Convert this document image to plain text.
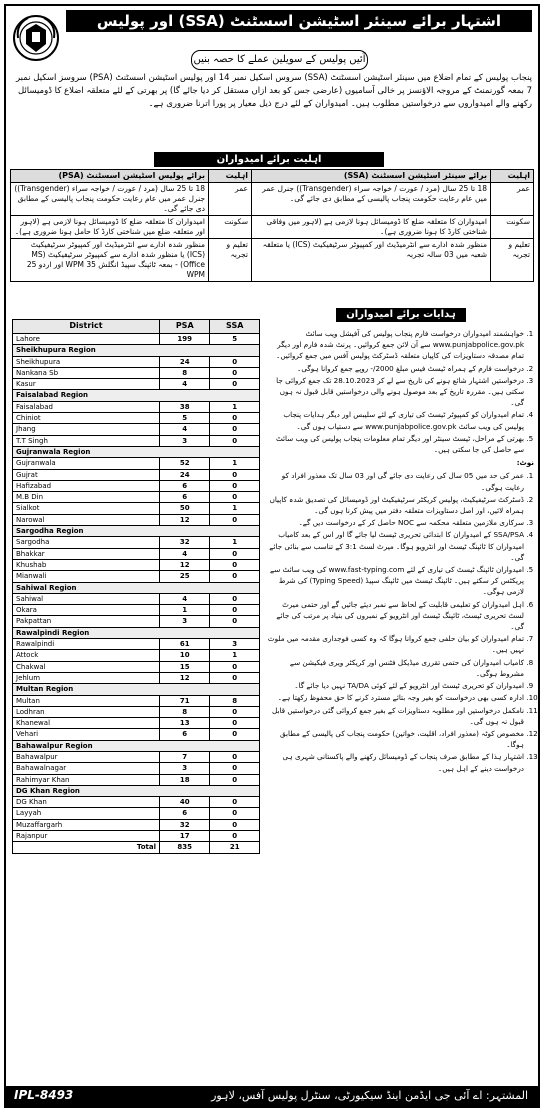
اشتہار برائے سینئر اسٹیشن اسسٹنٹ (SSA) اور پولیس اسٹیشن اسسٹنٹ (PSA)، پنجاب پولیس
آئیں پولیس کے سویلین عملے کا حصہ بنیں
پنجاب پولیس کے تمام اضلاع میں سینئر اسٹیشن اسسٹنٹ (SSA) سروس اسکیل نمبر 14 اور پولیس اسٹیشن اسسٹنٹ (PSA) سروسز اسکیل نمبر 7 بمعہ گورنمنٹ کے مروجہ الاؤنسز پر خالی آسامیوں (عارضی جس کو بعد ازاں مستقل کر دیا جائے گا) پر بھرتی کے لئے متعلقہ اضلاع کا ڈومیسائل رکھنے والے امیدواروں سے درخواستیں مطلوب ہیں۔ امیدواران کے لئے درج ذیل معیار پر پورا اترنا ضروری ہے۔
اہلیت برائے امیدواران
اہلیت	برائے سینئر اسٹیشن اسسٹنٹ (SSA)	اہلیت	برائے پولیس اسٹیشن اسسٹنٹ (PSA)
عمر	18 تا 25 سال (مرد / عورت / خواجہ سراء (Transgender)) جنرل عمر میں عام رعایت حکومت پنجاب پالیسی کے مطابق دی جائے گی۔	عمر	18 تا 25 سال (مرد / عورت / خواجہ سراء (Transgender)) جنرل عمر میں عام رعایت حکومت پنجاب پالیسی کے مطابق دی جائے گی۔
سکونت	امیدواران کا متعلقہ ضلع کا ڈومیسائل ہونا لازمی ہے (لاہور میں وفاقی شناختی کارڈ کا ہونا ضروری ہے)۔	سکونت	امیدواران کا متعلقہ ضلع کا ڈومیسائل ہونا لازمی ہے (لاہور اور متعلقہ ضلع میں شناختی کارڈ کا حامل ہونا ضروری ہے)۔
تعلیم و تجربہ	منظور شدہ ادارے سے انٹرمیڈیٹ اور کمپیوٹر سرٹیفیکیٹ (ICS) یا متعلقہ شعبہ میں 03 سالہ تجربہ	تعلیم و تجربہ	منظور شدہ ادارے سے انٹرمیڈیٹ اور کمپیوٹر سرٹیفیکیٹ (ICS) یا منظور شدہ ادارے سے کمپیوٹر سرٹیفیکیٹ (MS Office) - بمعہ ٹائپنگ سپیڈ انگلش 35 WPM اور اردو 25 WPM
District	PSA	SSA
Lahore	199	5
Sheikhupura Region		
Sheikhupura	24	0
Nankana Sb	8	0
Kasur	4	0
Faisalabad Region		
Faisalabad	38	1
Chiniot	5	0
Jhang	4	0
T.T Singh	3	0
Gujranwala Region		
Gujranwala	52	1
Gujrat	24	0
Hafizabad	6	0
M.B Din	6	0
Sialkot	50	1
Narowal	12	0
Sargodha Region		
Sargodha	32	1
Bhakkar	4	0
Khushab	12	0
Mianwali	25	0
Sahiwal Region		
Sahiwal	4	0
Okara	1	0
Pakpattan	3	0
Rawalpindi Region		
Rawalpindi	61	3
Attock	10	1
Chakwal	15	0
Jehlum	12	0
Multan Region		
Multan	71	8
Lodhran	8	0
Khanewal	13	0
Vehari	6	0
Bahawalpur Region		
Bahawalpur	7	0
Bahawalnagar	3	0
Rahimyar Khan	18	0
DG Khan Region		
DG Khan	40	0
Layyah	6	0
Muzaffargarh	32	0
Rajanpur	17	0
Total	835	21
ہدایات برائے امیدواران
1. خواہشمند امیدواران درخواست فارم پنجاب پولیس کی آفیشل ویب سائٹ www.punjabpolice.gov.pk سے آن لائن جمع کروائیں۔ پرنٹ شدہ فارم اور دیگر تمام مصدقہ دستاویزات کی کاپیاں متعلقہ ڈسٹرکٹ پولیس آفس میں جمع کروائیں۔
2. درخواست فارم کے ہمراہ ٹیسٹ فیس مبلغ 2000/- روپے جمع کروانا ہوگی۔
3. درخواستیں اشتہار شائع ہونے کی تاریخ سے لے کر 28.10.2023 تک جمع کروائی جا سکتی ہیں۔ مقررہ تاریخ کے بعد موصول ہونے والی درخواستیں قابل قبول نہ ہوں گی۔
4. تمام امیدواران کو کمپیوٹر ٹیسٹ کی تیاری کے لئے سلیبس اور دیگر ہدایات پنجاب پولیس کی ویب سائٹ www.punjabpolice.gov.pk سے دستیاب ہوں گی۔
5. بھرتی کے مراحل، ٹیسٹ سینٹر اور دیگر تمام معلومات پنجاب پولیس کی ویب سائٹ سے حاصل کی جا سکتی ہیں۔
نوٹ:
1. عمر کی حد میں 05 سال کی رعایت دی جائے گی اور 03 سال تک معذور افراد کو رعایت ہوگی۔
2. ڈسٹرکٹ سرٹیفیکیٹ، پولیس کریکٹر سرٹیفیکیٹ اور ڈومیسائل کی تصدیق شدہ کاپیاں ہمراہ لائیں، اور اصل دستاویزات متعلقہ دفتر میں پیش کرنا ہوں گی۔
3. سرکاری ملازمین متعلقہ محکمہ سے NOC حاصل کر کے درخواست دیں گے۔
4. SSA/PSA کے امیدواران کا ابتدائی تحریری ٹیسٹ لیا جائے گا اور اس کے بعد کامیاب امیدواران کا ٹائپنگ ٹیسٹ اور انٹرویو ہوگا۔ میرٹ لسٹ 3:1 کے تناسب سے بنائی جائے گی۔
5. امیدواران ٹائپنگ ٹیسٹ کی تیاری کے لئے www.fast-typing.com کی ویب سائٹ سے پریکٹس کر سکتے ہیں۔ ٹائپنگ ٹیسٹ میں ٹائپنگ سپیڈ (Typing Speed) کی شرط لازمی ہوگی۔
6. اہل امیدواران کو تعلیمی قابلیت کے لحاظ سے نمبر دیئے جائیں گے اور حتمی میرٹ لسٹ تحریری ٹیسٹ، ٹائپنگ ٹیسٹ اور انٹرویو کے نمبروں کی بنیاد پر مرتب کی جائے گی۔
7. تمام امیدواران کو بیان حلفی جمع کروانا ہوگا کہ وہ کسی فوجداری مقدمہ میں ملوث نہیں ہیں۔
8. کامیاب امیدواران کی حتمی تقرری میڈیکل فٹنس اور کریکٹر ویری فیکیشن سے مشروط ہوگی۔
9. امیدواران کو تحریری ٹیسٹ اور انٹرویو کے لئے کوئی TA/DA نہیں دیا جائے گا۔
10. ادارہ کسی بھی درخواست کو بغیر وجہ بتائے مسترد کرنے کا حق محفوظ رکھتا ہے۔
11. نامکمل درخواستیں اور مطلوبہ دستاویزات کے بغیر جمع کروائی گئی درخواستیں قابل قبول نہ ہوں گی۔
12. مخصوص کوٹہ (معذور افراد، اقلیت، خواتین) حکومت پنجاب کی پالیسی کے مطابق ہوگا۔
13. اشتہار ہذا کے مطابق صرف پنجاب کے ڈومیسائل رکھنے والے پاکستانی شہری ہی درخواست دینے کے اہل ہیں۔
IPL-8493	المشتہر: اے آئی جی ایڈمن اینڈ سیکیورٹی، سنٹرل پولیس آفس، لاہور
